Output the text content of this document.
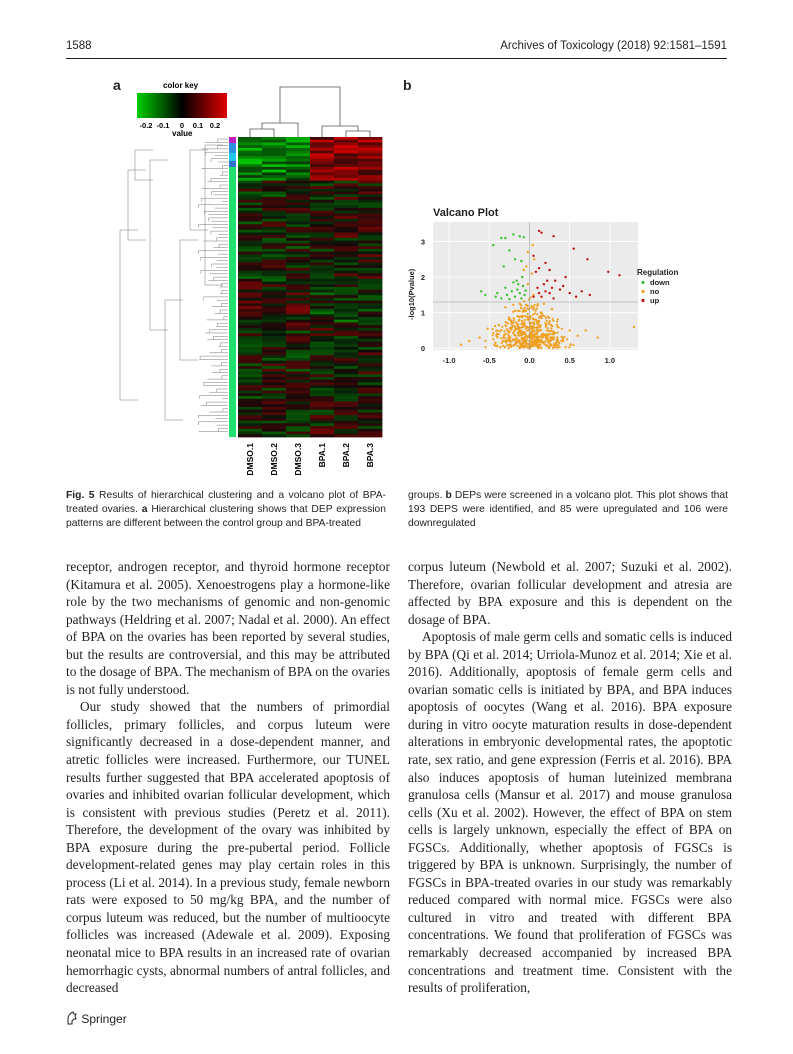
1588	Archives of Toxicology (2018) 92:1581–1591
a	b
color key
-0.2 -0.1 0 0.1 0.2
value
DMSO.1 DMSO.2 DMSO.3 BPA.1 BPA.2 BPA.3
Valcano Plot
-1.0	-0.5	0.0	0.5	1.0
0
1
2
3
-log10(Pvalue)	Regulation
down
no
up
Fig. 5 Results of hierarchical clustering and a volcano plot of BPA-treated ovaries. a Hierarchical clustering shows that DEP expression patterns are different between the control group and BPA-treated
groups. b DEPs were screened in a volcano plot. This plot shows that 193 DEPS were identified, and 85 were upregulated and 106 were downregulated

receptor, androgen receptor, and thyroid hormone receptor (Kitamura et al. 2005). Xenoestrogens play a hormone-like role by the two mechanisms of genomic and non-genomic pathways (Heldring et al. 2007; Nadal et al. 2000). An effect of BPA on the ovaries has been reported by several studies, but the results are controversial, and this may be attributed to the dosage of BPA. The mechanism of BPA on the ovaries is not fully understood.

Our study showed that the numbers of primordial follicles, primary follicles, and corpus luteum were significantly decreased in a dose-dependent manner, and atretic follicles were increased. Furthermore, our TUNEL results further suggested that BPA accelerated apoptosis of ovaries and inhibited ovarian follicular development, which is consistent with previous studies (Peretz et al. 2011). Therefore, the development of the ovary was inhibited by BPA exposure during the pre-pubertal period. Follicle development-related genes may play certain roles in this process (Li et al. 2014). In a previous study, female newborn rats were exposed to 50 mg/kg BPA, and the number of corpus luteum was reduced, but the number of multioocyte follicles was increased (Adewale et al. 2009). Exposing neonatal mice to BPA results in an increased rate of ovarian hemorrhagic cysts, abnormal numbers of antral follicles, and decreased

corpus luteum (Newbold et al. 2007; Suzuki et al. 2002). Therefore, ovarian follicular development and atresia are affected by BPA exposure and this is dependent on the dosage of BPA.

Apoptosis of male germ cells and somatic cells is induced by BPA (Qi et al. 2014; Urriola-Munoz et al. 2014; Xie et al. 2016). Additionally, apoptosis of female germ cells and ovarian somatic cells is initiated by BPA, and BPA induces apoptosis of oocytes (Wang et al. 2016). BPA exposure during in vitro oocyte maturation results in dose-dependent alterations in embryonic developmental rates, the apoptotic rate, sex ratio, and gene expression (Ferris et al. 2016). BPA also induces apoptosis of human luteinized membrana granulosa cells (Mansur et al. 2017) and mouse granulosa cells (Xu et al. 2002). However, the effect of BPA on stem cells is largely unknown, especially the effect of BPA on FGSCs. Additionally, whether apoptosis of FGSCs is triggered by BPA is unknown. Surprisingly, the number of FGSCs in BPA-treated ovaries in our study was remarkably reduced compared with normal mice. FGSCs were also cultured in vitro and treated with different BPA concentrations. We found that proliferation of FGSCs was remarkably decreased accompanied by increased BPA concentrations and treatment time. Consistent with the results of proliferation,

Springer
